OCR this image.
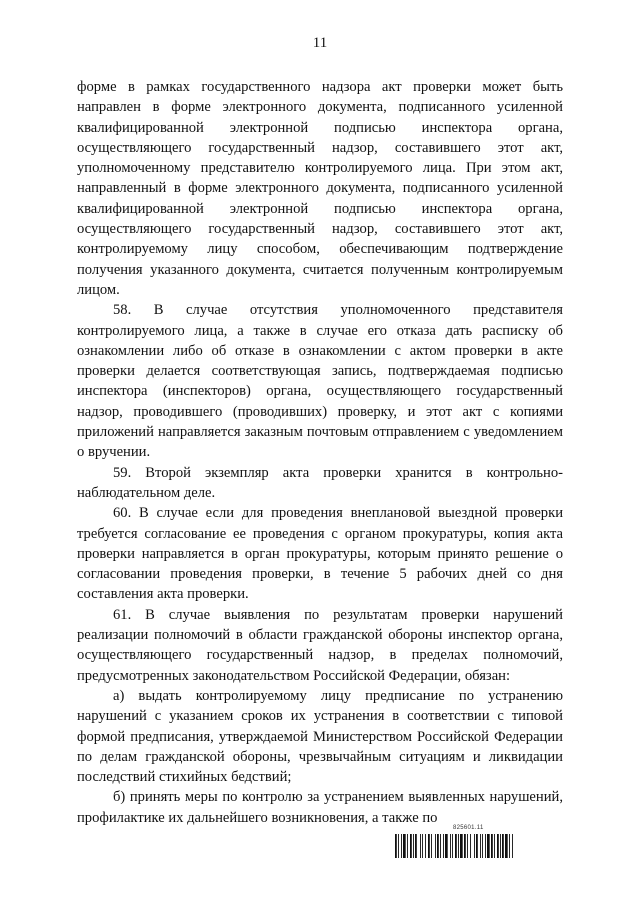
11

форме в рамках государственного надзора акт проверки может быть направлен в форме электронного документа, подписанного усиленной квалифицированной электронной подписью инспектора органа, осуществляющего государственный надзор, составившего этот акт, уполномоченному представителю контролируемого лица. При этом акт, направленный в форме электронного документа, подписанного усиленной квалифицированной электронной подписью инспектора органа, осуществляющего государственный надзор, составившего этот акт, контролируемому лицу способом, обеспечивающим подтверждение получения указанного документа, считается полученным контролируемым лицом.

58. В случае отсутствия уполномоченного представителя контролируемого лица, а также в случае его отказа дать расписку об ознакомлении либо об отказе в ознакомлении с актом проверки в акте проверки делается соответствующая запись, подтверждаемая подписью инспектора (инспекторов) органа, осуществляющего государственный надзор, проводившего (проводивших) проверку, и этот акт с копиями приложений направляется заказным почтовым отправлением с уведомлением о вручении.

59. Второй экземпляр акта проверки хранится в контрольно-наблюдательном деле.

60. В случае если для проведения внеплановой выездной проверки требуется согласование ее проведения с органом прокуратуры, копия акта проверки направляется в орган прокуратуры, которым принято решение о согласовании проведения проверки, в течение 5 рабочих дней со дня составления акта проверки.

61. В случае выявления по результатам проверки нарушений реализации полномочий в области гражданской обороны инспектор органа, осуществляющего государственный надзор, в пределах полномочий, предусмотренных законодательством Российской Федерации, обязан:

а) выдать контролируемому лицу предписание по устранению нарушений с указанием сроков их устранения в соответствии с типовой формой предписания, утверждаемой Министерством Российской Федерации по делам гражданской обороны, чрезвычайным ситуациям и ликвидации последствий стихийных бедствий;

б) принять меры по контролю за устранением выявленных нарушений, профилактике их дальнейшего возникновения, а также по

825601.11
